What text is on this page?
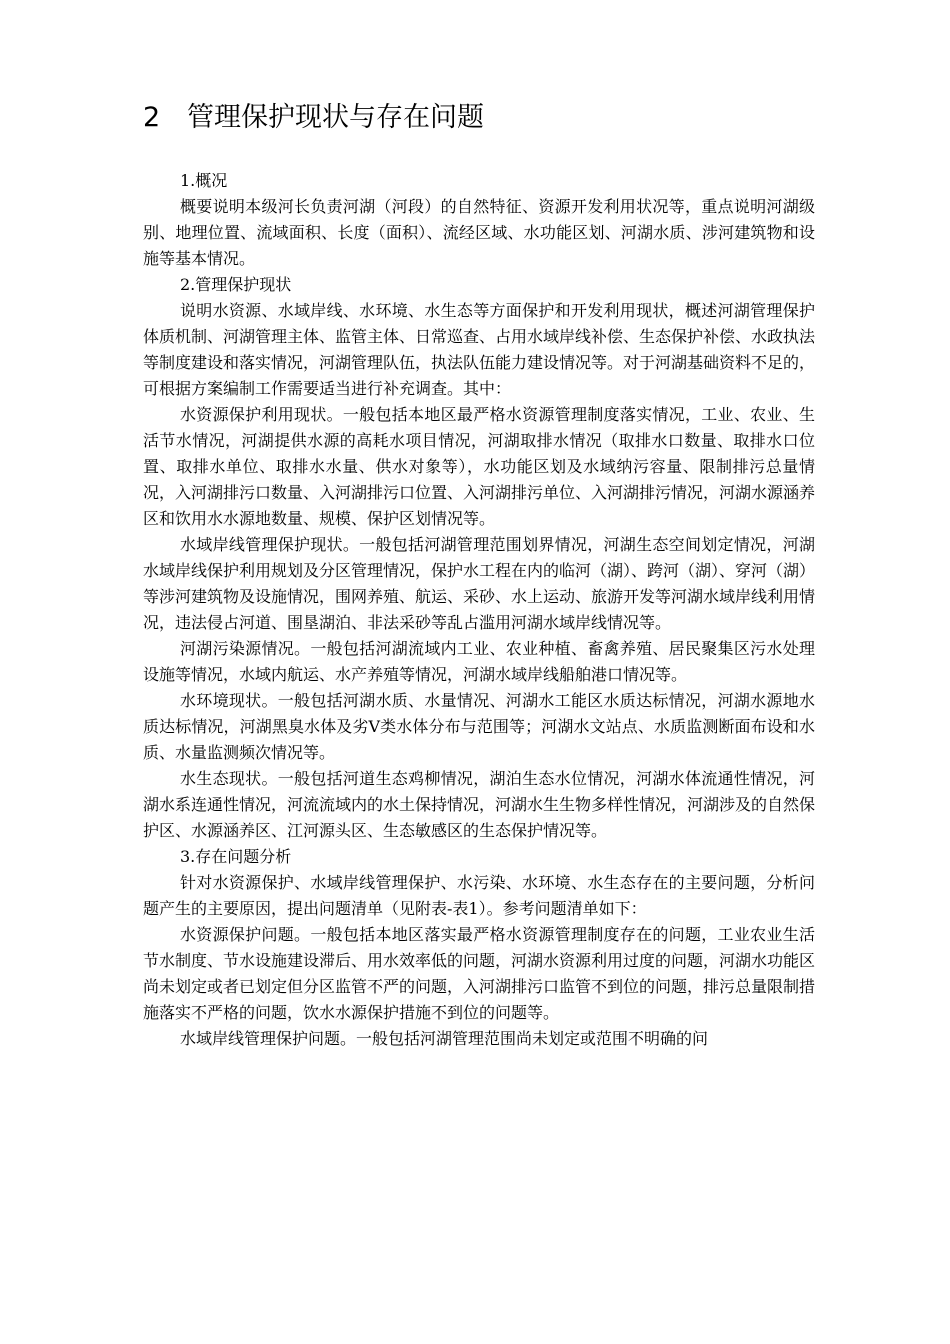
2 管理保护现状与存在问题

1.概况

概要说明本级河长负责河湖（河段）的自然特征、资源开发利用状况等，重点说明河湖级别、地理位置、流域面积、长度（面积）、流经区域、水功能区划、河湖水质、涉河建筑物和设施等基本情况。

2.管理保护现状

说明水资源、水域岸线、水环境、水生态等方面保护和开发利用现状，概述河湖管理保护体质机制、河湖管理主体、监管主体、日常巡查、占用水域岸线补偿、生态保护补偿、水政执法等制度建设和落实情况，河湖管理队伍，执法队伍能力建设情况等。对于河湖基础资料不足的，可根据方案编制工作需要适当进行补充调查。其中：

水资源保护利用现状。一般包括本地区最严格水资源管理制度落实情况，工业、农业、生活节水情况，河湖提供水源的高耗水项目情况，河湖取排水情况（取排水口数量、取排水口位置、取排水单位、取排水水量、供水对象等），水功能区划及水域纳污容量、限制排污总量情况，入河湖排污口数量、入河湖排污口位置、入河湖排污单位、入河湖排污情况，河湖水源涵养区和饮用水水源地数量、规模、保护区划情况等。

水域岸线管理保护现状。一般包括河湖管理范围划界情况，河湖生态空间划定情况，河湖水域岸线保护利用规划及分区管理情况，保护水工程在内的临河（湖）、跨河（湖）、穿河（湖）等涉河建筑物及设施情况，围网养殖、航运、采砂、水上运动、旅游开发等河湖水域岸线利用情况，违法侵占河道、围垦湖泊、非法采砂等乱占滥用河湖水域岸线情况等。

河湖污染源情况。一般包括河湖流域内工业、农业种植、畜禽养殖、居民聚集区污水处理设施等情况，水域内航运、水产养殖等情况，河湖水域岸线船舶港口情况等。

水环境现状。一般包括河湖水质、水量情况、河湖水工能区水质达标情况，河湖水源地水质达标情况，河湖黑臭水体及劣Ⅴ类水体分布与范围等；河湖水文站点、水质监测断面布设和水质、水量监测频次情况等。

水生态现状。一般包括河道生态鸡柳情况，湖泊生态水位情况，河湖水体流通性情况，河湖水系连通性情况，河流流域内的水土保持情况，河湖水生生物多样性情况，河湖涉及的自然保护区、水源涵养区、江河源头区、生态敏感区的生态保护情况等。

3.存在问题分析

针对水资源保护、水域岸线管理保护、水污染、水环境、水生态存在的主要问题，分析问题产生的主要原因，提出问题清单（见附表-表1）。参考问题清单如下：

水资源保护问题。一般包括本地区落实最严格水资源管理制度存在的问题，工业农业生活节水制度、节水设施建设滞后、用水效率低的问题，河湖水资源利用过度的问题，河湖水功能区尚未划定或者已划定但分区监管不严的问题，入河湖排污口监管不到位的问题，排污总量限制措施落实不严格的问题，饮水水源保护措施不到位的问题等。

水域岸线管理保护问题。一般包括河湖管理范围尚未划定或范围不明确的问
